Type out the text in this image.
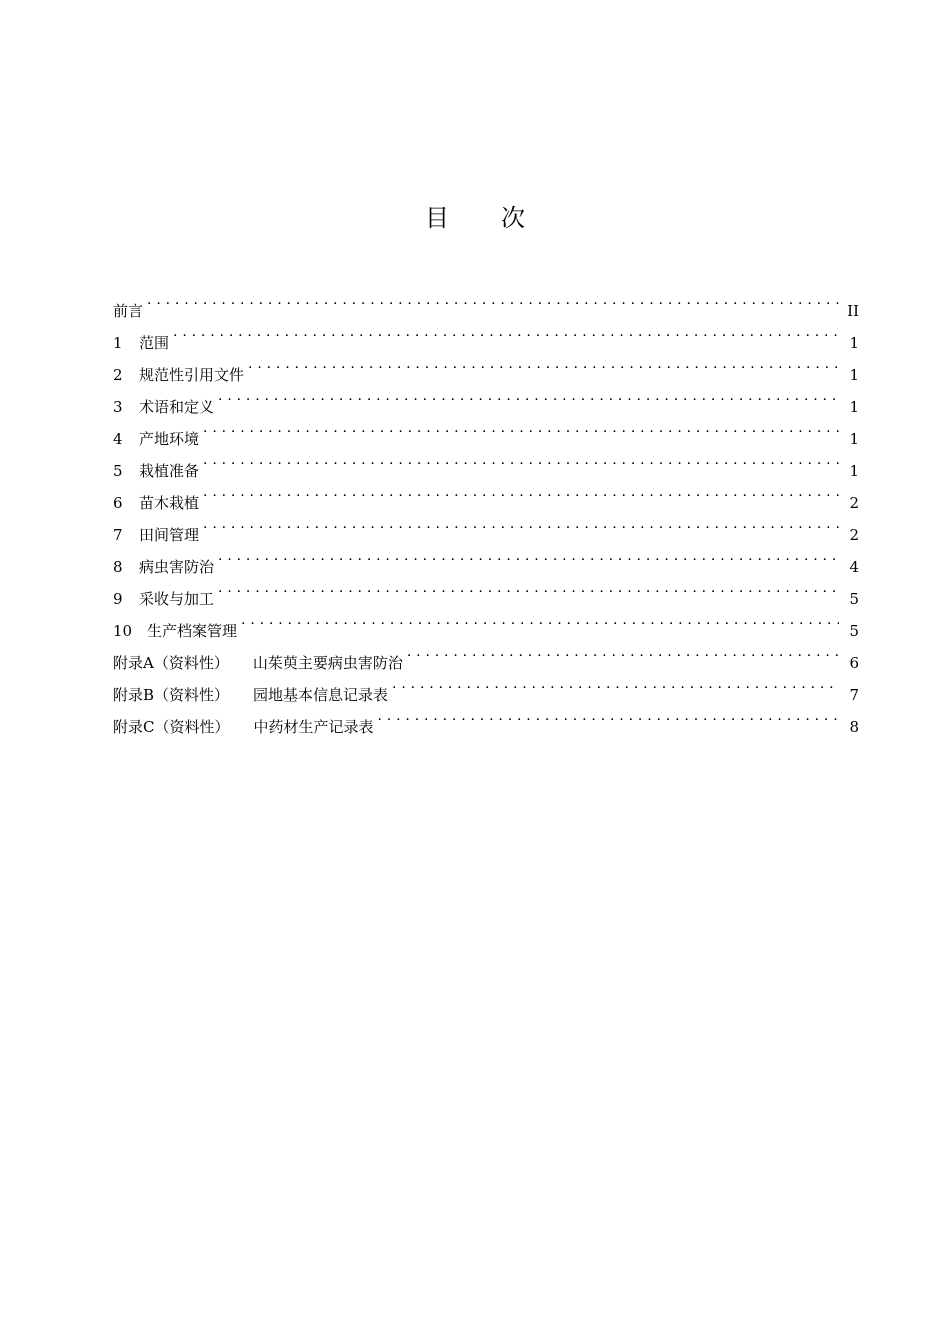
目 次
前言 . . .	II
1	范围 . . .	1
2	规范性引用文件 . . .	1
3	术语和定义 . . .	1
4	产地环境 . . .	1
5	栽植准备 . . .	1
6	苗木栽植 . . .	2
7	田间管理 . . .	2
8	病虫害防治 . . .	4
9	采收与加工 . . .	5
10 生产档案管理 . . .	5
附录A（资料性） 山茱萸主要病虫害防治 . . .	6
附录B（资料性） 园地基本信息记录表 . . .	7
附录C（资料性） 中药材生产记录表 . . .	8
